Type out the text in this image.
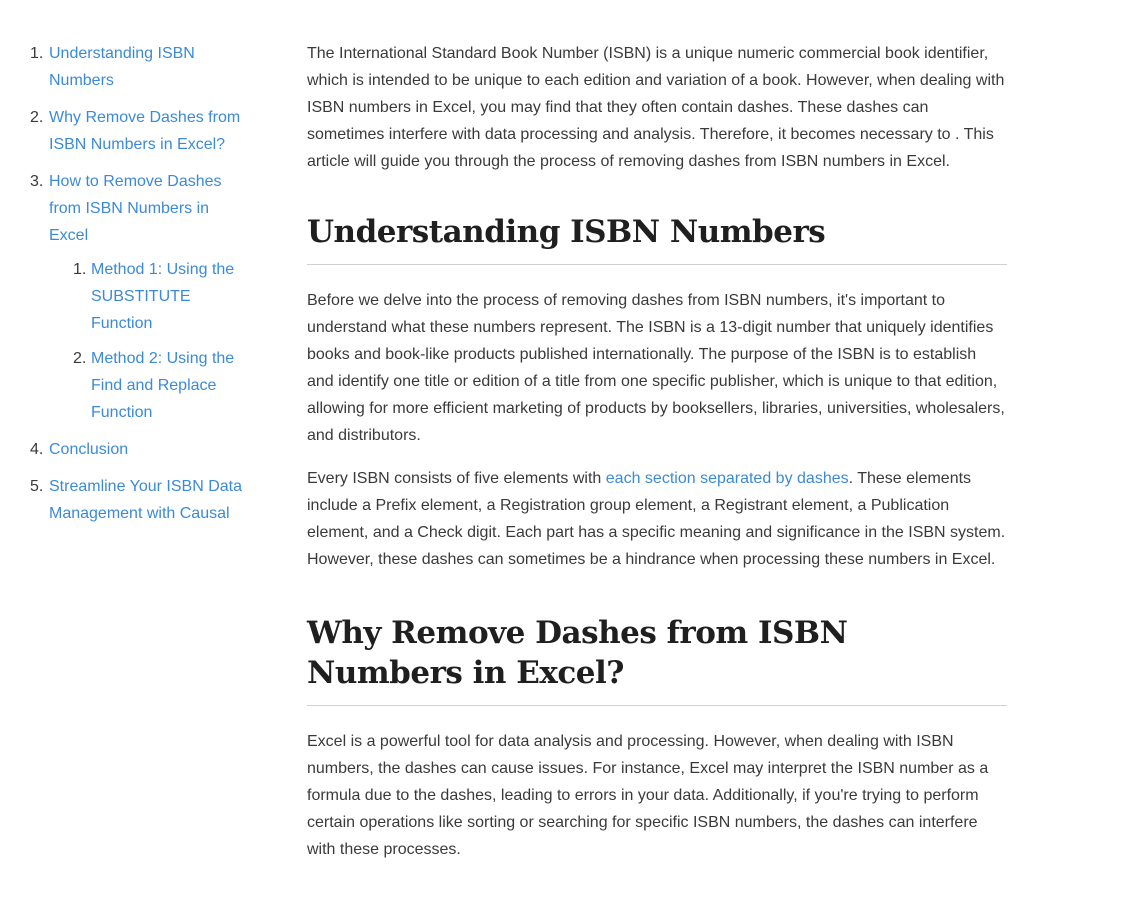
1. Understanding ISBN Numbers
2. Why Remove Dashes from ISBN Numbers in Excel?
3. How to Remove Dashes from ISBN Numbers in Excel
1. Method 1: Using the SUBSTITUTE Function
2. Method 2: Using the Find and Replace Function
4. Conclusion
5. Streamline Your ISBN Data Management with Causal

The International Standard Book Number (ISBN) is a unique numeric commercial book identifier, which is intended to be unique to each edition and variation of a book. However, when dealing with ISBN numbers in Excel, you may find that they often contain dashes. These dashes can sometimes interfere with data processing and analysis. Therefore, it becomes necessary to . This article will guide you through the process of removing dashes from ISBN numbers in Excel.

Understanding ISBN Numbers

Before we delve into the process of removing dashes from ISBN numbers, it's important to understand what these numbers represent. The ISBN is a 13-digit number that uniquely identifies books and book-like products published internationally. The purpose of the ISBN is to establish and identify one title or edition of a title from one specific publisher, which is unique to that edition, allowing for more efficient marketing of products by booksellers, libraries, universities, wholesalers, and distributors.

Every ISBN consists of five elements with each section separated by dashes. These elements include a Prefix element, a Registration group element, a Registrant element, a Publication element, and a Check digit. Each part has a specific meaning and significance in the ISBN system. However, these dashes can sometimes be a hindrance when processing these numbers in Excel.

Why Remove Dashes from ISBN Numbers in Excel?

Excel is a powerful tool for data analysis and processing. However, when dealing with ISBN numbers, the dashes can cause issues. For instance, Excel may interpret the ISBN number as a formula due to the dashes, leading to errors in your data. Additionally, if you're trying to perform certain operations like sorting or searching for specific ISBN numbers, the dashes can interfere with these processes.
